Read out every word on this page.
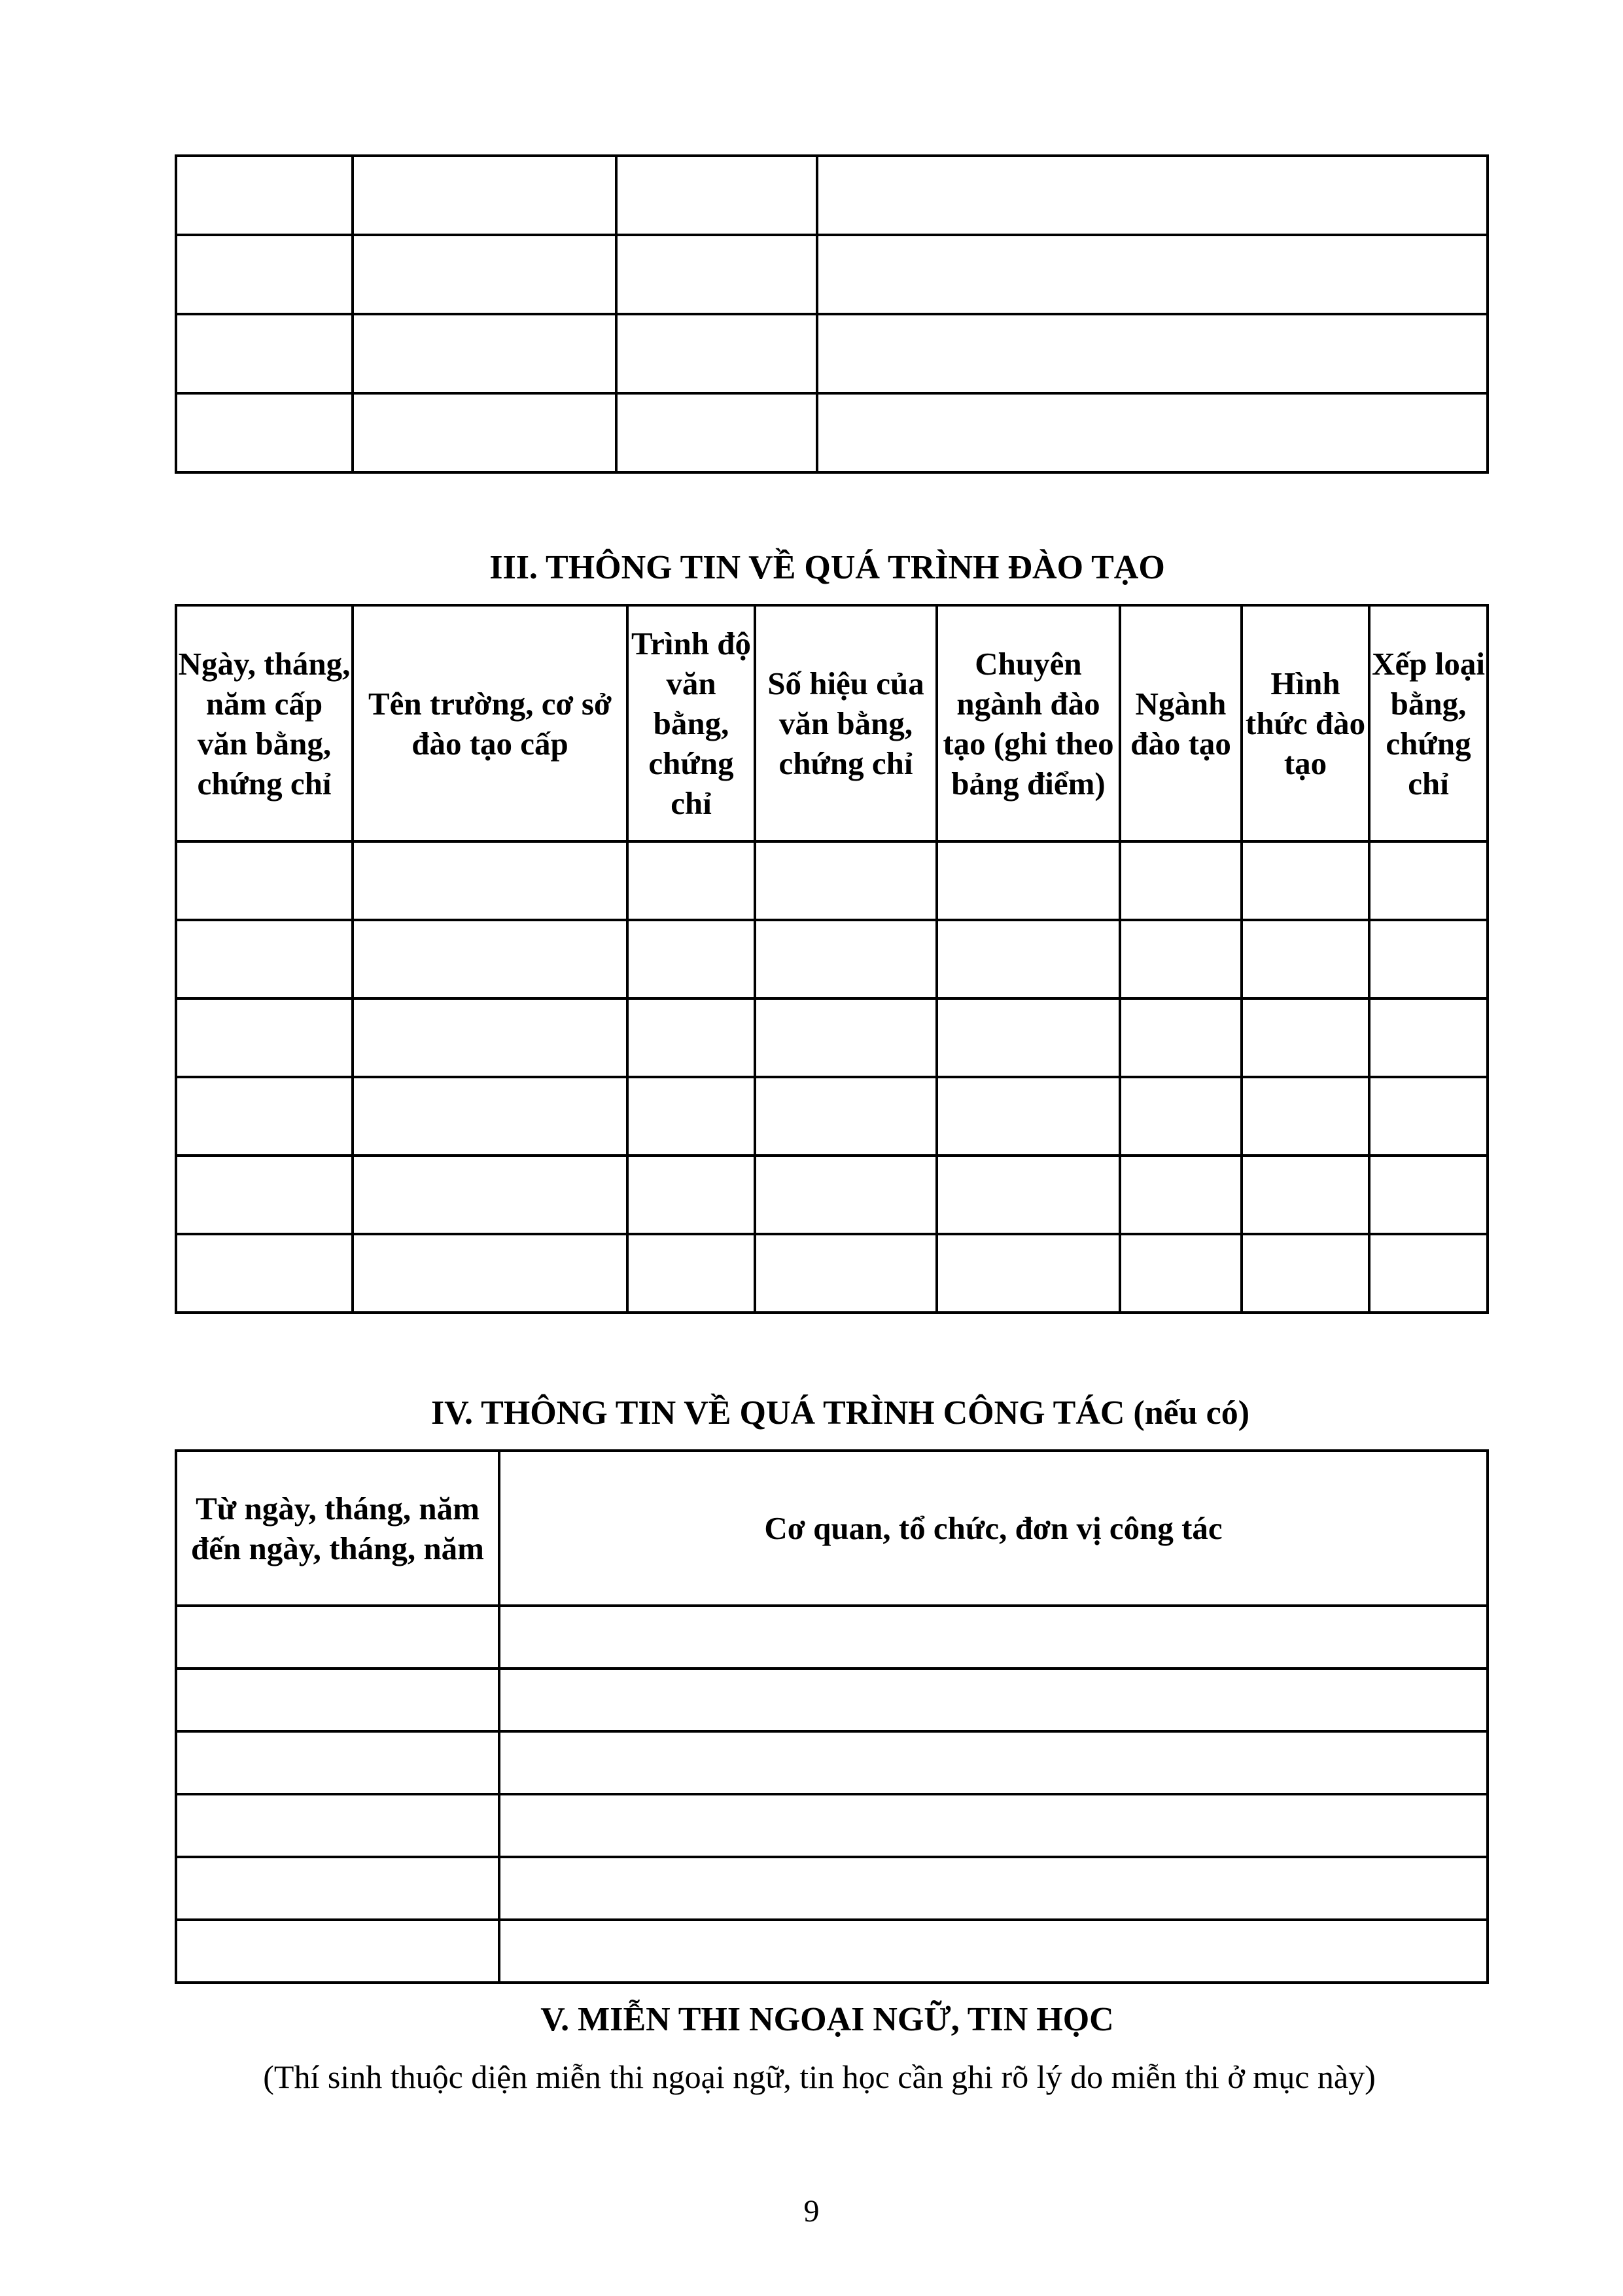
III. THÔNG TIN VỀ QUÁ TRÌNH ĐÀO TẠO
Ngày, tháng, năm cấp văn bằng, chứng chỉ	Tên trường, cơ sở đào tạo cấp	Trình độ văn bằng, chứng chỉ	Số hiệu của văn bằng, chứng chỉ	Chuyên ngành đào tạo (ghi theo bảng điểm)	Ngành đào tạo	Hình thức đào tạo	Xếp loại bằng, chứng chỉ

IV. THÔNG TIN VỀ QUÁ TRÌNH CÔNG TÁC (nếu có)
Từ ngày, tháng, năm đến ngày, tháng, năm	Cơ quan, tổ chức, đơn vị công tác

V. MIỄN THI NGOẠI NGỮ, TIN HỌC
(Thí sinh thuộc diện miễn thi ngoại ngữ, tin học cần ghi rõ lý do miễn thi ở mục này)
9
